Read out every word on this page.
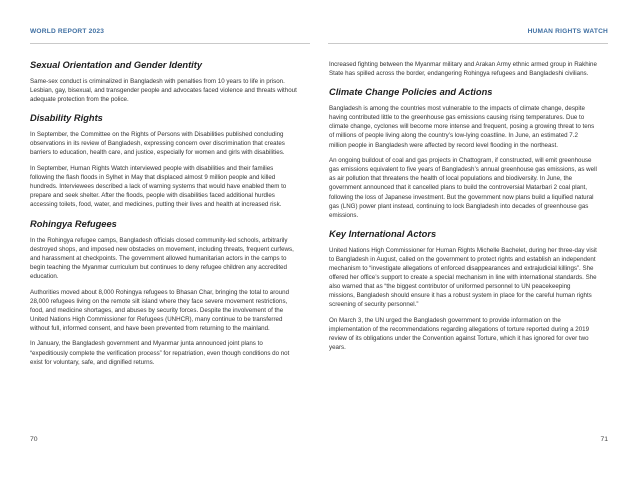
WORLD REPORT 2023
Sexual Orientation and Gender Identity

Same-sex conduct is criminalized in Bangladesh with penalties from 10 years to life in prison. Lesbian, gay, bisexual, and transgender people and advocates faced violence and threats without adequate protection from the police.

Disability Rights

In September, the Committee on the Rights of Persons with Disabilities published concluding observations in its review of Bangladesh, expressing concern over discrimination that creates barriers to education, health care, and justice, especially for women and girls with disabilities.

In September, Human Rights Watch interviewed people with disabilities and their families following the flash floods in Sylhet in May that displaced almost 9 million people and killed hundreds. Interviewees described a lack of warning systems that would have enabled them to prepare and seek shelter. After the floods, people with disabilities faced additional hurdles accessing toilets, food, water, and medicines, putting their lives and health at increased risk.

Rohingya Refugees

In the Rohingya refugee camps, Bangladesh officials closed community-led schools, arbitrarily destroyed shops, and imposed new obstacles on movement, including threats, frequent curfews, and harassment at checkpoints. The government allowed humanitarian actors in the camps to begin teaching the Myanmar curriculum but continues to deny refugee children any accredited education.

Authorities moved about 8,000 Rohingya refugees to Bhasan Char, bringing the total to around 28,000 refugees living on the remote silt island where they face severe movement restrictions, food, and medicine shortages, and abuses by security forces. Despite the involvement of the United Nations High Commissioner for Refugees (UNHCR), many continue to be transferred without full, informed consent, and have been prevented from returning to the mainland.

In January, the Bangladesh government and Myanmar junta announced joint plans to “expeditiously complete the verification process” for repatriation, even though conditions do not exist for voluntary, safe, and dignified returns.

70
HUMAN RIGHTS WATCH

Increased fighting between the Myanmar military and Arakan Army ethnic armed group in Rakhine State has spilled across the border, endangering Rohingya refugees and Bangladeshi civilians.

Climate Change Policies and Actions

Bangladesh is among the countries most vulnerable to the impacts of climate change, despite having contributed little to the greenhouse gas emissions causing rising temperatures. Due to climate change, cyclones will become more intense and frequent, posing a growing threat to tens of millions of people living along the country’s low-lying coastline. In June, an estimated 7.2 million people in Bangladesh were affected by record level flooding in the northeast.

An ongoing buildout of coal and gas projects in Chattogram, if constructed, will emit greenhouse gas emissions equivalent to five years of Bangladesh’s annual greenhouse gas emissions, as well as air pollution that threatens the health of local populations and biodiversity. In June, the government announced that it cancelled plans to build the controversial Matarbari 2 coal plant, following the loss of Japanese investment. But the government now plans build a liquified natural gas (LNG) power plant instead, continuing to lock Bangladesh into decades of greenhouse gas emissions.

Key International Actors

United Nations High Commissioner for Human Rights Michelle Bachelet, during her three-day visit to Bangladesh in August, called on the government to protect rights and establish an independent mechanism to “investigate allegations of enforced disappearances and extrajudicial killings”. She offered her office’s support to create a special mechanism in line with international standards. She also warned that as “the biggest contributor of uniformed personnel to UN peacekeeping missions, Bangladesh should ensure it has a robust system in place for the careful human rights screening of security personnel.”

On March 3, the UN urged the Bangladesh government to provide information on the implementation of the recommendations regarding allegations of torture reported during a 2019 review of its obligations under the Convention against Torture, which it has ignored for over two years.

71
